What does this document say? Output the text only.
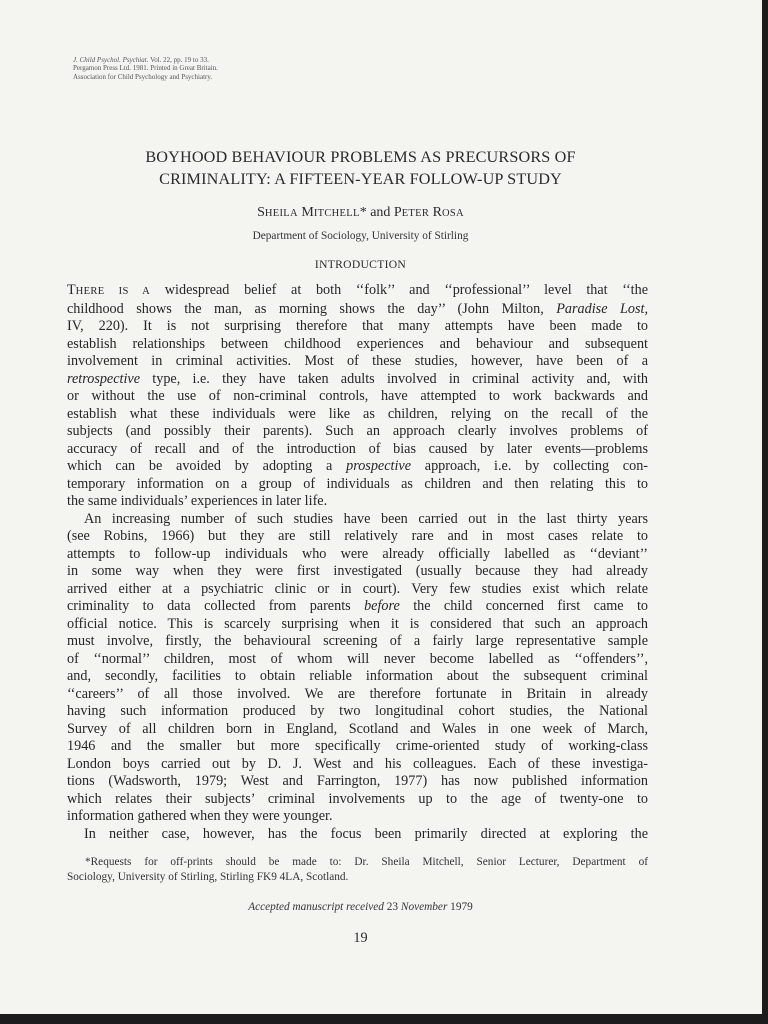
J. Child Psychol. Psychiat. Vol. 22, pp. 19 to 33.
Pergamon Press Ltd. 1981. Printed in Great Britain.
Association for Child Psychology and Psychiatry.
BOYHOOD BEHAVIOUR PROBLEMS AS PRECURSORS OF
CRIMINALITY: A FIFTEEN-YEAR FOLLOW-UP STUDY
SHEILA MITCHELL* and PETER ROSA
Department of Sociology, University of Stirling
INTRODUCTION
THERE IS A widespread belief at both ‘‘folk’’ and ‘‘professional’’ level that ‘‘the
childhood shows the man, as morning shows the day’’ (John Milton, Paradise Lost,
IV, 220). It is not surprising therefore that many attempts have been made to
establish relationships between childhood experiences and behaviour and subsequent
involvement in criminal activities. Most of these studies, however, have been of a
retrospective type, i.e. they have taken adults involved in criminal activity and, with
or without the use of non-criminal controls, have attempted to work backwards and
establish what these individuals were like as children, relying on the recall of the
subjects (and possibly their parents). Such an approach clearly involves problems of
accuracy of recall and of the introduction of bias caused by later events—problems
which can be avoided by adopting a prospective approach, i.e. by collecting con-
temporary information on a group of individuals as children and then relating this to
the same individuals’ experiences in later life.
An increasing number of such studies have been carried out in the last thirty years
(see Robins, 1966) but they are still relatively rare and in most cases relate to
attempts to follow-up individuals who were already officially labelled as ‘‘deviant’’
in some way when they were first investigated (usually because they had already
arrived either at a psychiatric clinic or in court). Very few studies exist which relate
criminality to data collected from parents before the child concerned first came to
official notice. This is scarcely surprising when it is considered that such an approach
must involve, firstly, the behavioural screening of a fairly large representative sample
of ‘‘normal’’ children, most of whom will never become labelled as ‘‘offenders’’,
and, secondly, facilities to obtain reliable information about the subsequent criminal
‘‘careers’’ of all those involved. We are therefore fortunate in Britain in already
having such information produced by two longitudinal cohort studies, the National
Survey of all children born in England, Scotland and Wales in one week of March,
1946 and the smaller but more specifically crime-oriented study of working-class
London boys carried out by D. J. West and his colleagues. Each of these investiga-
tions (Wadsworth, 1979; West and Farrington, 1977) has now published information
which relates their subjects’ criminal involvements up to the age of twenty-one to
information gathered when they were younger.
In neither case, however, has the focus been primarily directed at exploring the
*Requests for off-prints should be made to: Dr. Sheila Mitchell, Senior Lecturer, Department of
Sociology, University of Stirling, Stirling FK9 4LA, Scotland.
Accepted manuscript received 23 November 1979
19
